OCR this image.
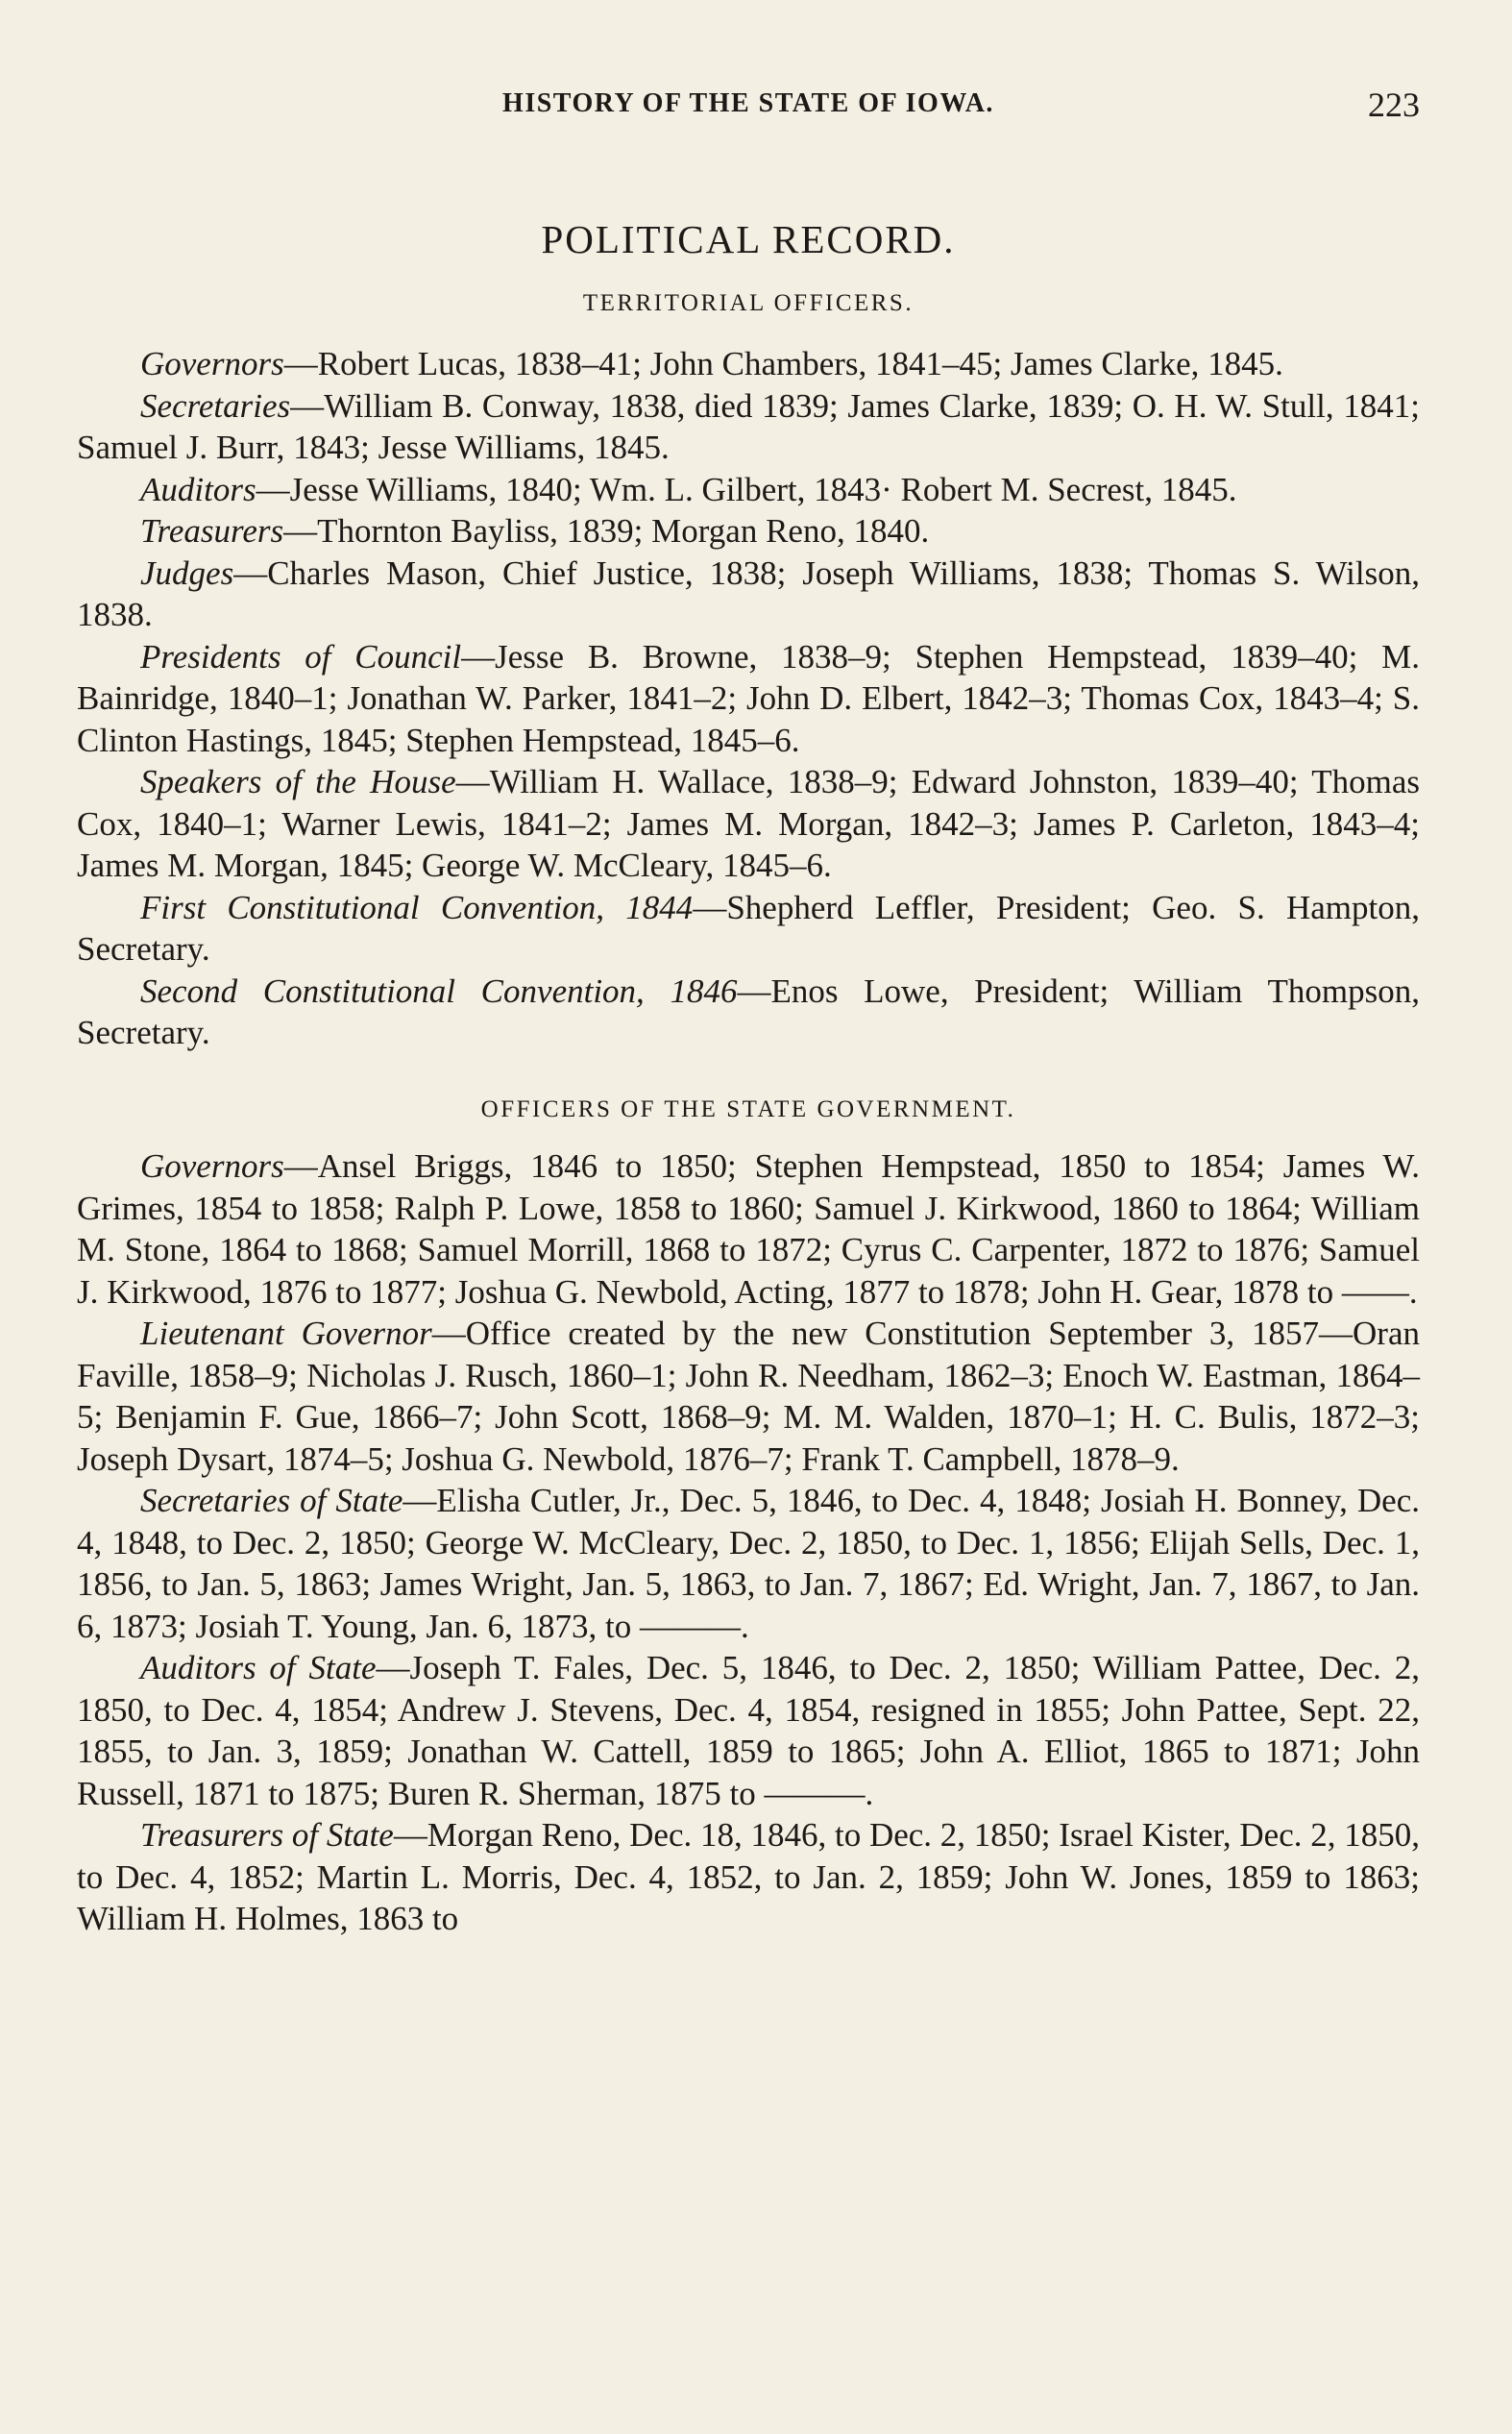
HISTORY OF THE STATE OF IOWA.	223
POLITICAL RECORD.
TERRITORIAL OFFICERS.

Governors—Robert Lucas, 1838–41; John Chambers, 1841–45; James Clarke, 1845.

Secretaries—William B. Conway, 1838, died 1839; James Clarke, 1839; O. H. W. Stull, 1841; Samuel J. Burr, 1843; Jesse Williams, 1845.

Auditors—Jesse Williams, 1840; Wm. L. Gilbert, 1843· Robert M. Secrest, 1845.

Treasurers—Thornton Bayliss, 1839; Morgan Reno, 1840.

Judges—Charles Mason, Chief Justice, 1838; Joseph Williams, 1838; Thomas S. Wilson, 1838.

Presidents of Council—Jesse B. Browne, 1838–9; Stephen Hempstead, 1839–40; M. Bainridge, 1840–1; Jonathan W. Parker, 1841–2; John D. Elbert, 1842–3; Thomas Cox, 1843–4; S. Clinton Hastings, 1845; Stephen Hempstead, 1845–6.

Speakers of the House—William H. Wallace, 1838–9; Edward Johnston, 1839–40; Thomas Cox, 1840–1; Warner Lewis, 1841–2; James M. Morgan, 1842–3; James P. Carleton, 1843–4; James M. Morgan, 1845; George W. McCleary, 1845–6.

First Constitutional Convention, 1844—Shepherd Leffler, President; Geo. S. Hampton, Secretary.

Second Constitutional Convention, 1846—Enos Lowe, President; William Thompson, Secretary.

OFFICERS OF THE STATE GOVERNMENT.

Governors—Ansel Briggs, 1846 to 1850; Stephen Hempstead, 1850 to 1854; James W. Grimes, 1854 to 1858; Ralph P. Lowe, 1858 to 1860; Samuel J. Kirkwood, 1860 to 1864; William M. Stone, 1864 to 1868; Samuel Morrill, 1868 to 1872; Cyrus C. Carpenter, 1872 to 1876; Samuel J. Kirkwood, 1876 to 1877; Joshua G. Newbold, Acting, 1877 to 1878; John H. Gear, 1878 to ——.

Lieutenant Governor—Office created by the new Constitution September 3, 1857—Oran Faville, 1858–9; Nicholas J. Rusch, 1860–1; John R. Needham, 1862–3; Enoch W. Eastman, 1864–5; Benjamin F. Gue, 1866–7; John Scott, 1868–9; M. M. Walden, 1870–1; H. C. Bulis, 1872–3; Joseph Dysart, 1874–5; Joshua G. Newbold, 1876–7; Frank T. Campbell, 1878–9.

Secretaries of State—Elisha Cutler, Jr., Dec. 5, 1846, to Dec. 4, 1848; Josiah H. Bonney, Dec. 4, 1848, to Dec. 2, 1850; George W. McCleary, Dec. 2, 1850, to Dec. 1, 1856; Elijah Sells, Dec. 1, 1856, to Jan. 5, 1863; James Wright, Jan. 5, 1863, to Jan. 7, 1867; Ed. Wright, Jan. 7, 1867, to Jan. 6, 1873; Josiah T. Young, Jan. 6, 1873, to ———.

Auditors of State—Joseph T. Fales, Dec. 5, 1846, to Dec. 2, 1850; William Pattee, Dec. 2, 1850, to Dec. 4, 1854; Andrew J. Stevens, Dec. 4, 1854, resigned in 1855; John Pattee, Sept. 22, 1855, to Jan. 3, 1859; Jonathan W. Cattell, 1859 to 1865; John A. Elliot, 1865 to 1871; John Russell, 1871 to 1875; Buren R. Sherman, 1875 to ———.

Treasurers of State—Morgan Reno, Dec. 18, 1846, to Dec. 2, 1850; Israel Kister, Dec. 2, 1850, to Dec. 4, 1852; Martin L. Morris, Dec. 4, 1852, to Jan. 2, 1859; John W. Jones, 1859 to 1863; William H. Holmes, 1863 to
